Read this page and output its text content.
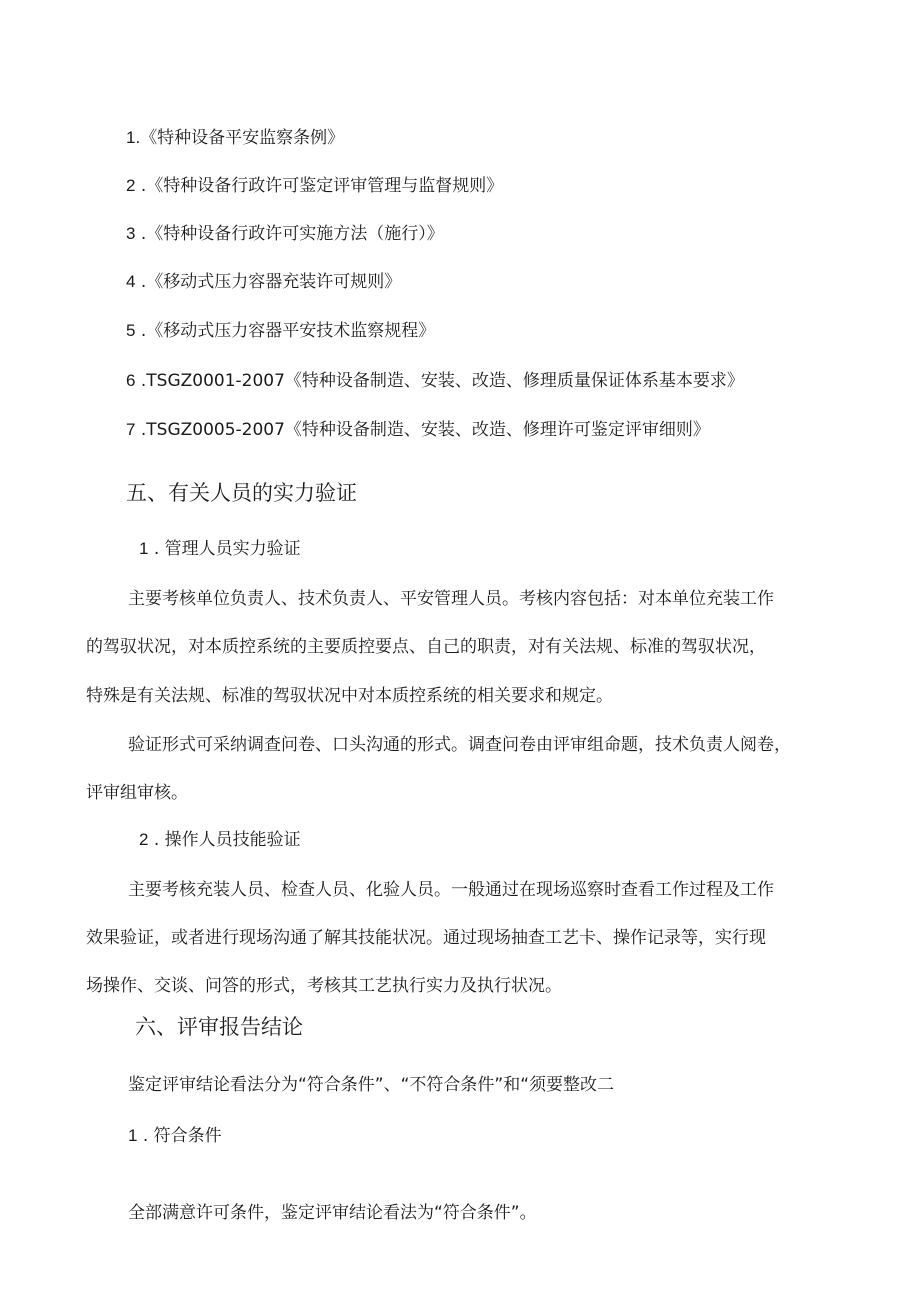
1.《特种设备平安监察条例》
2 .《特种设备行政许可鉴定评审管理与监督规则》
3 .《特种设备行政许可实施方法（施行）》
4 .《移动式压力容器充装许可规则》
5 .《移动式压力容器平安技术监察规程》
6 .TSGZ0001-2007《特种设备制造、安装、改造、修理质量保证体系基本要求》
7 .TSGZ0005-2007《特种设备制造、安装、改造、修理许可鉴定评审细则》
五、有关人员的实力验证
1 . 管理人员实力验证
主要考核单位负责人、技术负责人、平安管理人员。考核内容包括：对本单位充装工作
的驾驭状况，对本质控系统的主要质控要点、自己的职责，对有关法规、标准的驾驭状况，
特殊是有关法规、标准的驾驭状况中对本质控系统的相关要求和规定。
验证形式可采纳调查问卷、口头沟通的形式。调查问卷由评审组命题，技术负责人阅卷，
评审组审核。
2 . 操作人员技能验证
主要考核充装人员、检查人员、化验人员。一般通过在现场巡察时查看工作过程及工作
效果验证，或者进行现场沟通了解其技能状况。通过现场抽查工艺卡、操作记录等，实行现
场操作、交谈、问答的形式，考核其工艺执行实力及执行状况。
六、评审报告结论
鉴定评审结论看法分为“符合条件”、“不符合条件”和“须要整改二
1 . 符合条件
全部满意许可条件，鉴定评审结论看法为“符合条件”。
